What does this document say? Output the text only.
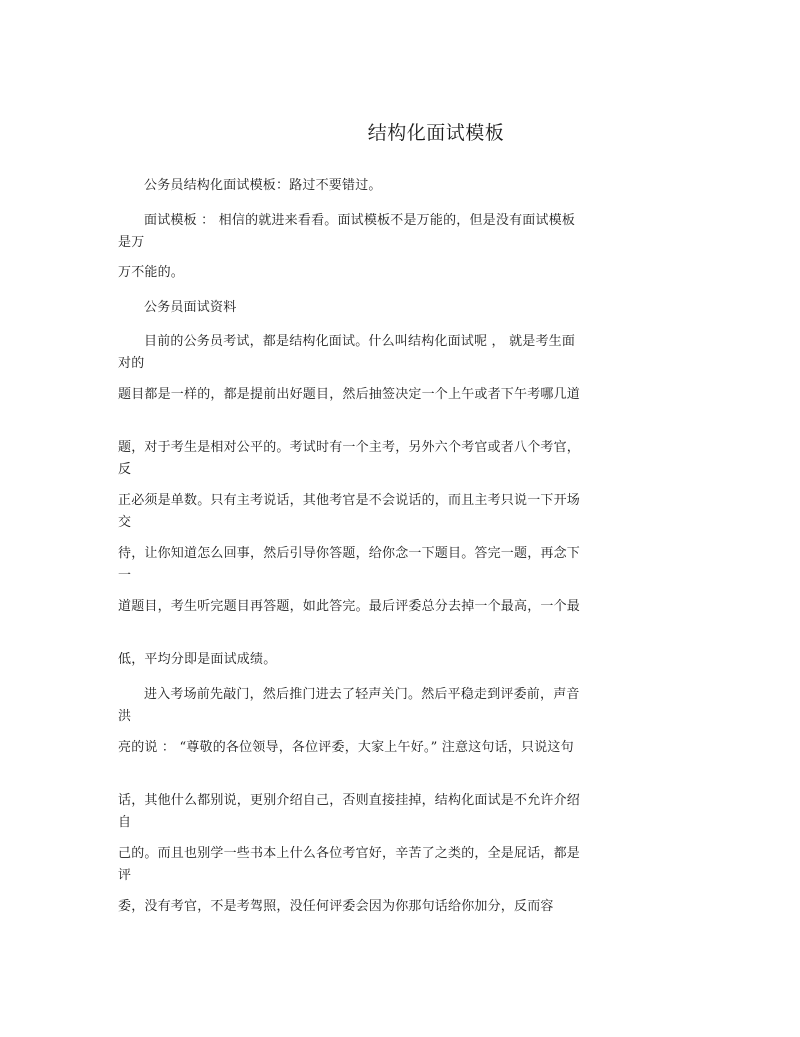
结构化面试模板

公务员结构化面试模板：路过不要错过。

面试模板 ： 相信的就进来看看。面试模板不是万能的，但是没有面试模板是万

万不能的。

公务员面试资料

目前的公务员考试，都是结构化面试。什么叫结构化面试呢 ， 就是考生面对的

题目都是一样的，都是提前出好题目，然后抽签决定一个上午或者下午考哪几道

题，对于考生是相对公平的。考试时有一个主考，另外六个考官或者八个考官，反

正必须是单数。只有主考说话，其他考官是不会说话的，而且主考只说一下开场交

待，让你知道怎么回事，然后引导你答题，给你念一下题目。答完一题，再念下一

道题目，考生听完题目再答题，如此答完。最后评委总分去掉一个最高，一个最

低，平均分即是面试成绩。

进入考场前先敲门，然后推门进去了轻声关门。然后平稳走到评委前，声音洪

亮的说 ： “尊敬的各位领导，各位评委，大家上午好。” 注意这句话，只说这句

话，其他什么都别说，更别介绍自己，否则直接挂掉，结构化面试是不允许介绍自

己的。而且也别学一些书本上什么各位考官好，辛苦了之类的，全是屁话，都是评

委，没有考官，不是考驾照，没任何评委会因为你那句话给你加分，反而容
